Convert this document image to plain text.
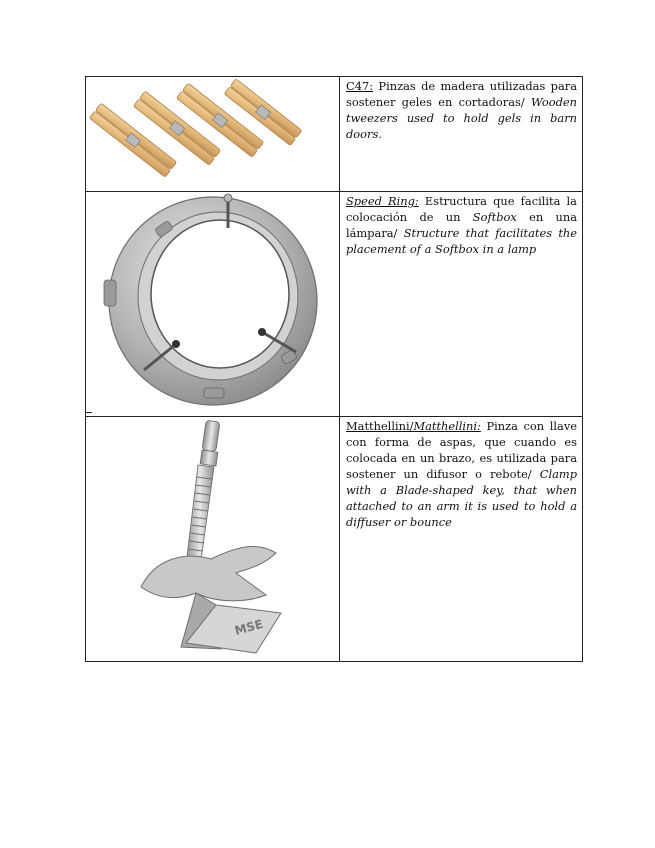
	C47: Pinzas de madera utilizadas para sostener geles en cortadoras/ Wooden tweezers used to hold gels in barn doors.

	Speed Ring: Estructura que facilita la colocación de un Softbox en una lámpara/ Structure that facilitates the placement of a Softbox in a lamp

MSE	Matthellini/Matthellini: Pinza con llave con forma de aspas, que cuando es colocada en un brazo, es utilizada para sostener un difusor o rebote/ Clamp with a Blade-shaped key, that when attached to an arm it is used to hold a diffuser or bounce
